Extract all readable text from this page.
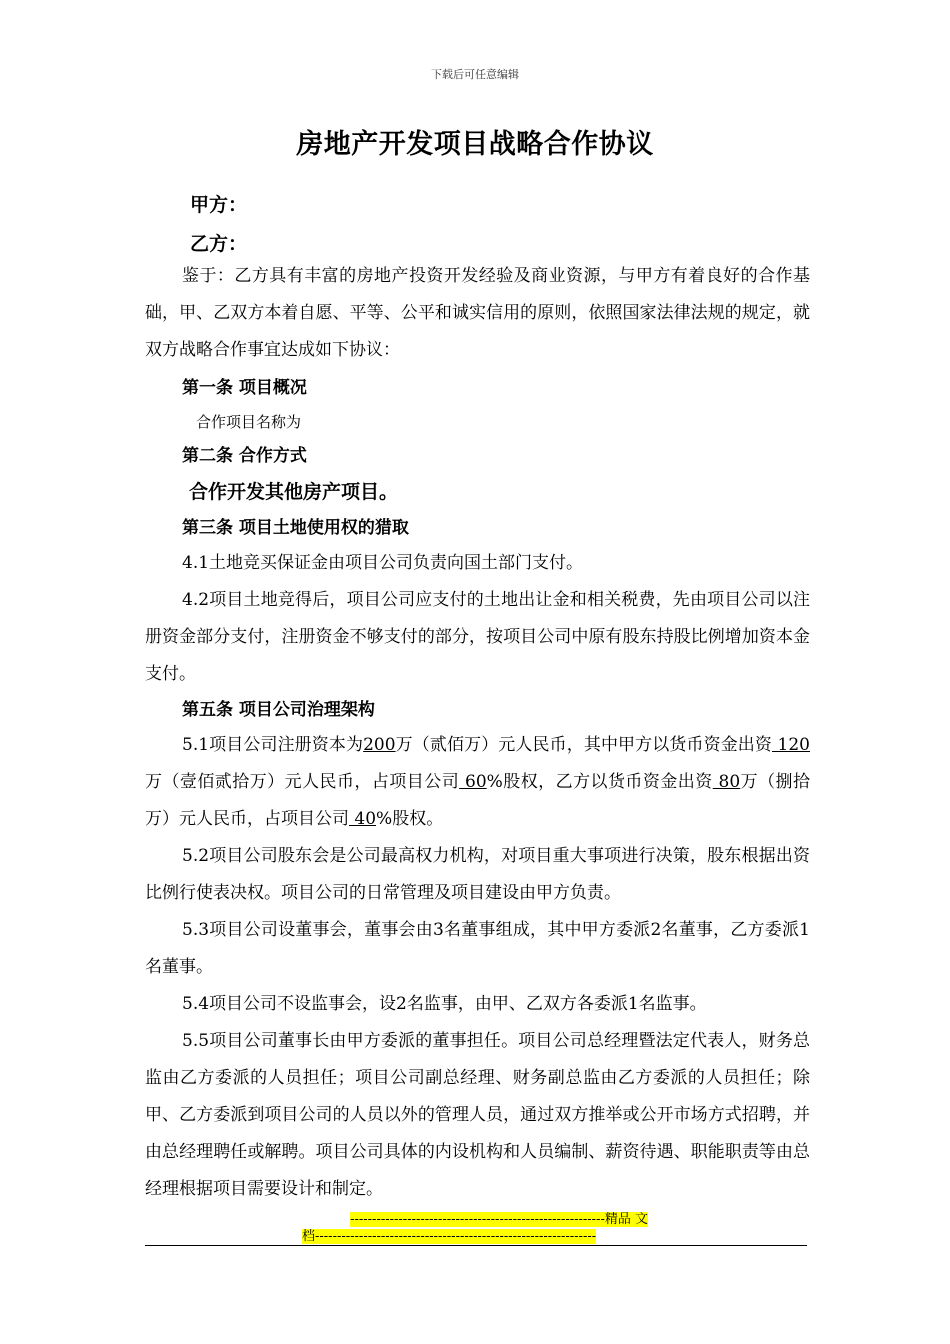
下载后可任意编辑
房地产开发项目战略合作协议
甲方：
乙方：

鉴于：乙方具有丰富的房地产投资开发经验及商业资源，与甲方有着良好的合作基础，甲、乙双方本着自愿、平等、公平和诚实信用的原则，依照国家法律法规的规定，就双方战略合作事宜达成如下协议：

第一条 项目概况

合作项目名称为

第二条 合作方式

合作开发其他房产项目。

第三条 项目土地使用权的猎取

4.1土地竞买保证金由项目公司负责向国土部门支付。

4.2项目土地竞得后，项目公司应支付的土地出让金和相关税费，先由项目公司以注册资金部分支付，注册资金不够支付的部分，按项目公司中原有股东持股比例增加资本金支付。

第五条 项目公司治理架构

5.1项目公司注册资本为200万（贰佰万）元人民币，其中甲方以货币资金出资 120万（壹佰贰拾万）元人民币，占项目公司 60%股权，乙方以货币资金出资 80万（捌拾万）元人民币，占项目公司 40%股权。

5.2项目公司股东会是公司最高权力机构，对项目重大事项进行决策，股东根据出资比例行使表决权。项目公司的日常管理及项目建设由甲方负责。

5.3项目公司设董事会，董事会由3名董事组成，其中甲方委派2名董事，乙方委派1名董事。

5.4项目公司不设监事会，设2名监事，由甲、乙双方各委派1名监事。

5.5项目公司董事长由甲方委派的董事担任。项目公司总经理暨法定代表人，财务总监由乙方委派的人员担任；项目公司副总经理、财务副总监由乙方委派的人员担任；除甲、乙方委派到项目公司的人员以外的管理人员，通过双方推举或公开市场方式招聘，并由总经理聘任或解聘。项目公司具体的内设机构和人员编制、薪资待遇、职能职责等由总经理根据项目需要设计和制定。

----------------------------------------------------------精品 文
档----------------------------------------------------------------
